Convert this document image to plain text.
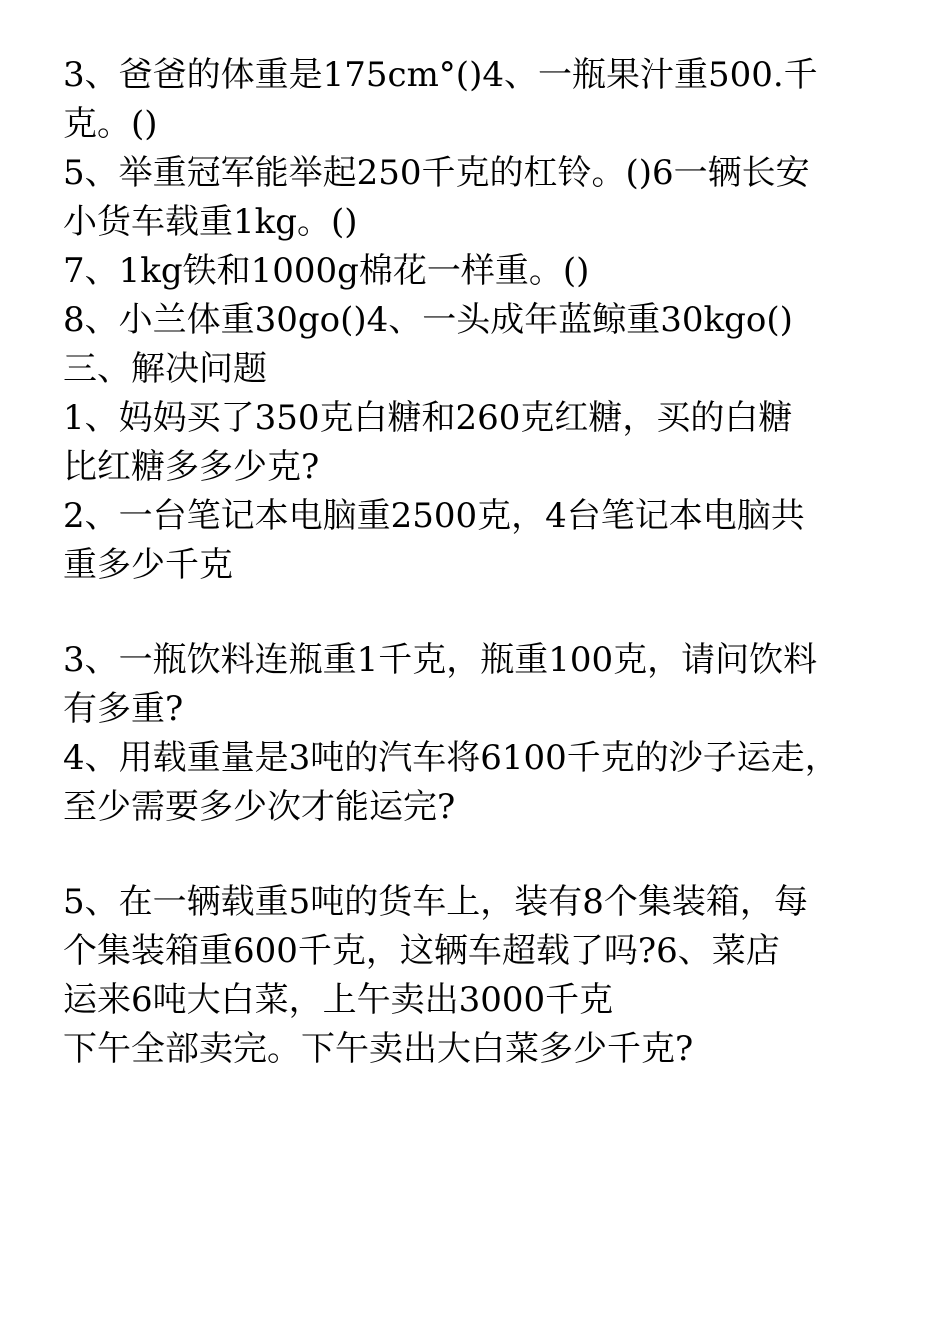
3、爸爸的体重是175cm°()4、一瓶果汁重500.千
克。()
5、举重冠军能举起250千克的杠铃。()6一辆长安
小货车载重1kg。()
7、1kg铁和1000g棉花一样重。()
8、小兰体重30go()4、一头成年蓝鲸重30kgo()
三、解决问题
1、妈妈买了350克白糖和260克红糖，买的白糖
比红糖多多少克?
2、一台笔记本电脑重2500克，4台笔记本电脑共
重多少千克
3、一瓶饮料连瓶重1千克，瓶重100克，请问饮料
有多重?
4、用载重量是3吨的汽车将6100千克的沙子运走，
至少需要多少次才能运完?
5、在一辆载重5吨的货车上，装有8个集装箱，每
个集装箱重600千克，这辆车超载了吗?6、菜店
运来6吨大白菜，上午卖出3000千克
下午全部卖完。下午卖出大白菜多少千克?
